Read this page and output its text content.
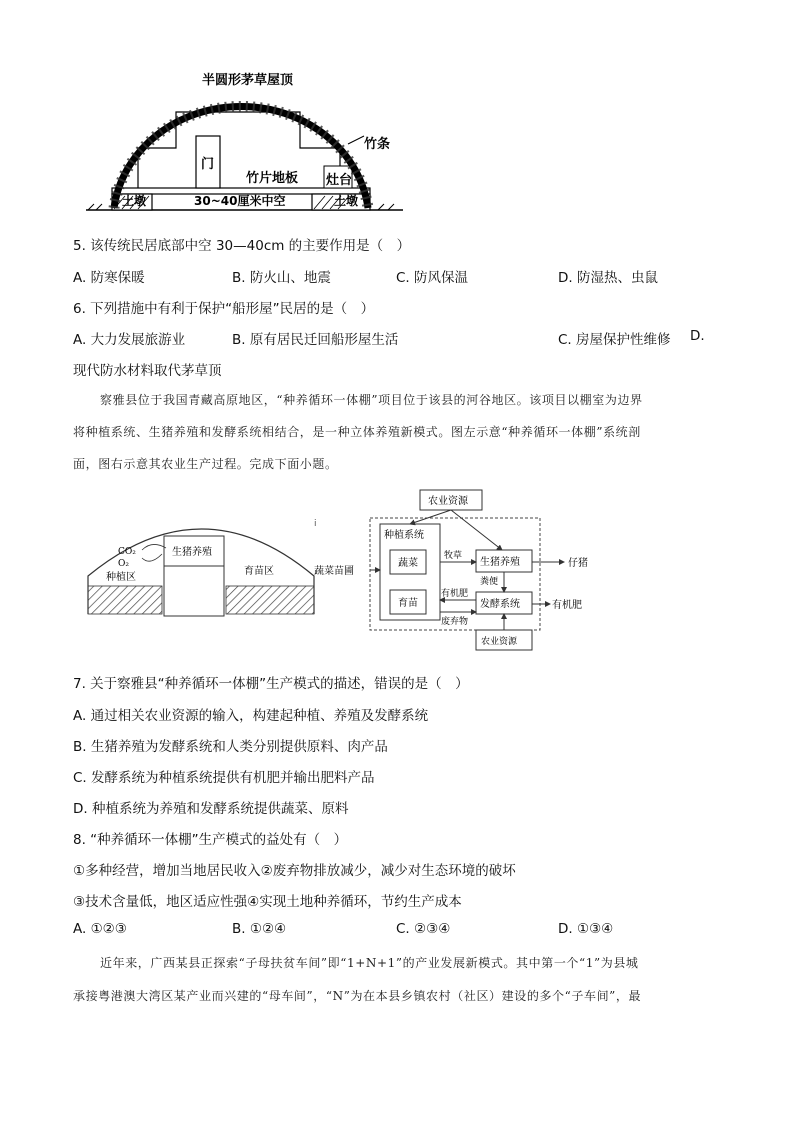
半圆形茅草屋顶
竹条
门
竹片地板 灶台
土墩	30~40厘米中空	土墩
5. 该传统民居底部中空 30—40cm 的主要作用是（　）
A. 防寒保暖	B. 防火山、地震	C. 防风保温	D. 防湿热、虫鼠
6. 下列措施中有利于保护“船形屋”民居的是（　）
A. 大力发展旅游业	B. 原有居民迁回船形屋生活	C. 房屋保护性维修 D.
现代防水材料取代茅草顶
察雅县位于我国青藏高原地区，“种养循环一体棚”项目位于该县的河谷地区。该项目以棚室为边界
将种植系统、生猪养殖和发酵系统相结合，是一种立体养殖新模式。图左示意“种养循环一体棚”系统剖
面，图右示意其农业生产过程。完成下面小题。
CO₂
O₂
生猪养殖
种植区
育苗区
i
农业资源
种植系统
蔬菜
育苗
生猪养殖
发酵系统
农业资源
牧草
粪便
有机肥
废弃物
仔猪
有机肥
蔬菜苗圃
7. 关于察雅县“种养循环一体棚”生产模式的描述，错误的是（　）
A. 通过相关农业资源的输入，构建起种植、养殖及发酵系统
B. 生猪养殖为发酵系统和人类分别提供原料、肉产品
C. 发酵系统为种植系统提供有机肥并输出肥料产品
D. 种植系统为养殖和发酵系统提供蔬菜、原料
8. “种养循环一体棚”生产模式的益处有（　）
①多种经营，增加当地居民收入②废弃物排放减少，减少对生态环境的破坏
③技术含量低，地区适应性强④实现土地种养循环，节约生产成本
A. ①②③	B. ①②④	C. ②③④	D. ①③④
近年来，广西某县正探索“子母扶贫车间”即“1+N+1”的产业发展新模式。其中第一个“1”为县城
承接粤港澳大湾区某产业而兴建的“母车间”，“N”为在本县乡镇农村（社区）建设的多个“子车间”，最
